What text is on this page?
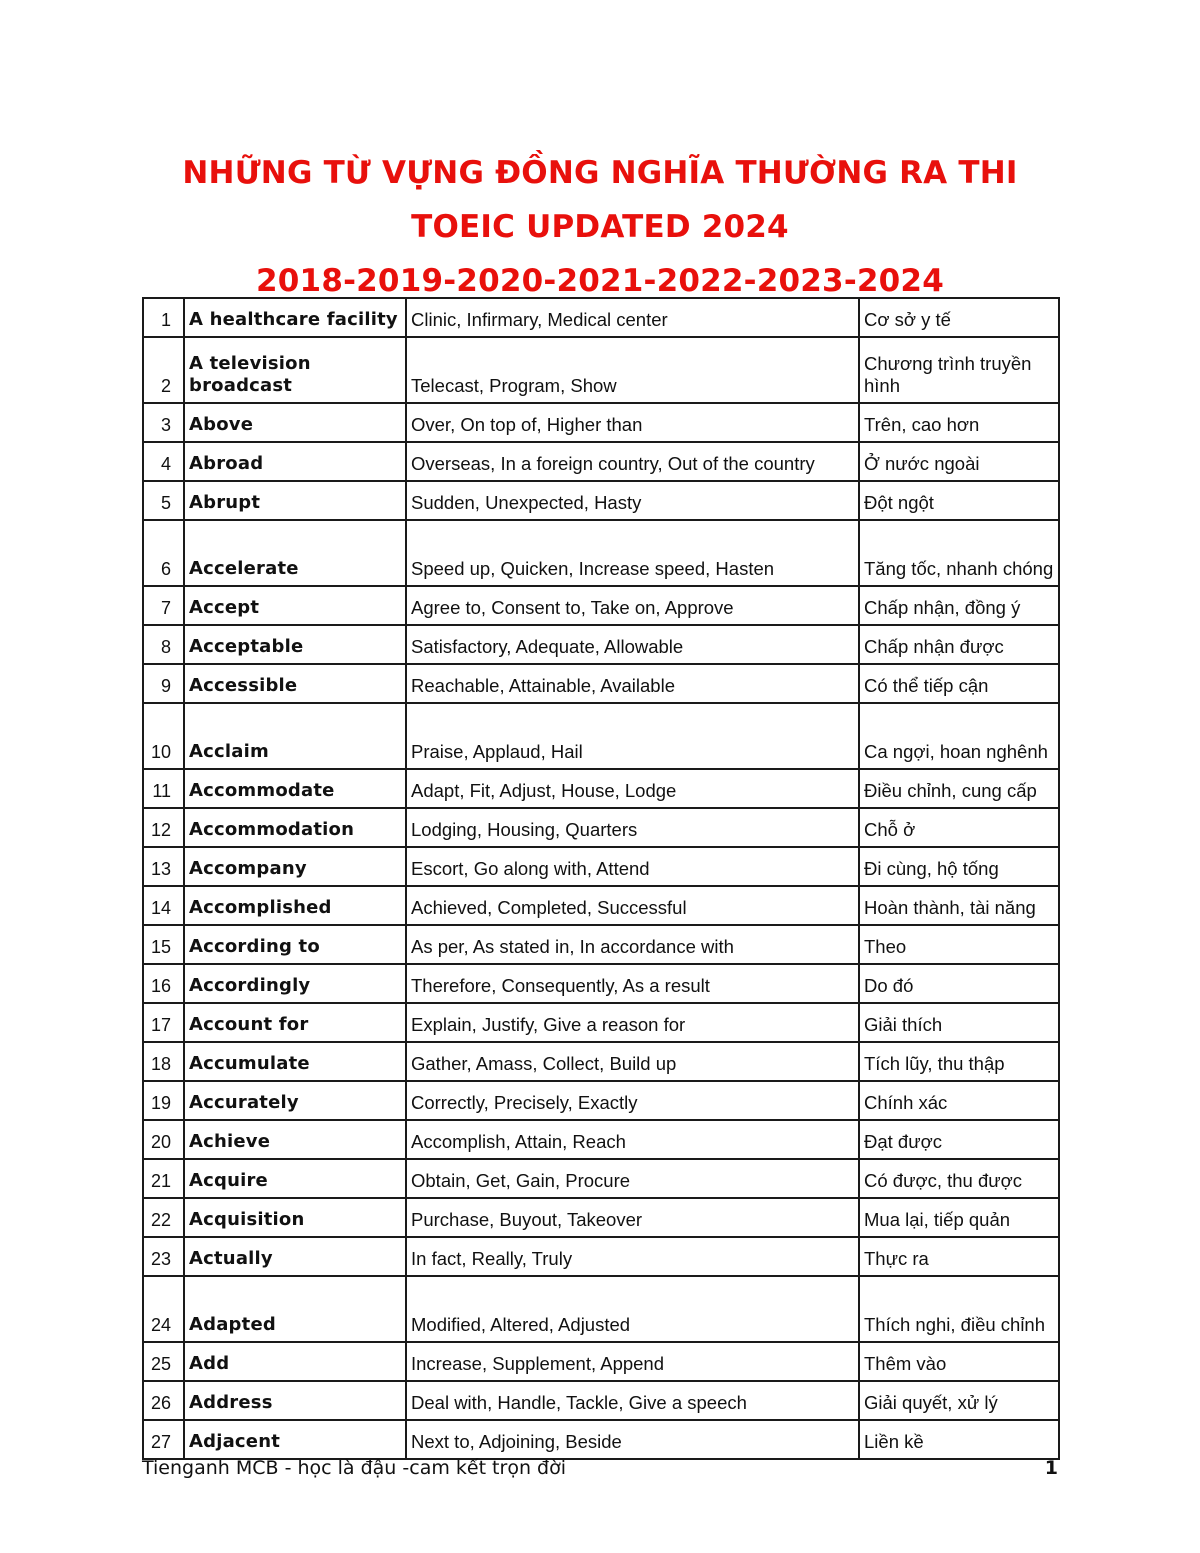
NHỮNG TỪ VỰNG ĐỒNG NGHĨA THƯỜNG RA THI
TOEIC UPDATED 2024
2018-2019-2020-2021-2022-2023-2024
1	A healthcare facility	Clinic, Infirmary, Medical center	Cơ sở y tế
2	A television broadcast	Telecast, Program, Show	Chương trình truyền hình
3	Above	Over, On top of, Higher than	Trên, cao hơn
4	Abroad	Overseas, In a foreign country, Out of the country	Ở nước ngoài
5	Abrupt	Sudden, Unexpected, Hasty	Đột ngột
6	Accelerate	Speed up, Quicken, Increase speed, Hasten	Tăng tốc, nhanh chóng
7	Accept	Agree to, Consent to, Take on, Approve	Chấp nhận, đồng ý
8	Acceptable	Satisfactory, Adequate, Allowable	Chấp nhận được
9	Accessible	Reachable, Attainable, Available	Có thể tiếp cận
10	Acclaim	Praise, Applaud, Hail	Ca ngợi, hoan nghênh
11	Accommodate	Adapt, Fit, Adjust, House, Lodge	Điều chỉnh, cung cấp
12	Accommodation	Lodging, Housing, Quarters	Chỗ ở
13	Accompany	Escort, Go along with, Attend	Đi cùng, hộ tống
14	Accomplished	Achieved, Completed, Successful	Hoàn thành, tài năng
15	According to	As per, As stated in, In accordance with	Theo
16	Accordingly	Therefore, Consequently, As a result	Do đó
17	Account for	Explain, Justify, Give a reason for	Giải thích
18	Accumulate	Gather, Amass, Collect, Build up	Tích lũy, thu thập
19	Accurately	Correctly, Precisely, Exactly	Chính xác
20	Achieve	Accomplish, Attain, Reach	Đạt được
21	Acquire	Obtain, Get, Gain, Procure	Có được, thu được
22	Acquisition	Purchase, Buyout, Takeover	Mua lại, tiếp quản
23	Actually	In fact, Really, Truly	Thực ra
24	Adapted	Modified, Altered, Adjusted	Thích nghi, điều chỉnh
25	Add	Increase, Supplement, Append	Thêm vào
26	Address	Deal with, Handle, Tackle, Give a speech	Giải quyết, xử lý
27	Adjacent	Next to, Adjoining, Beside	Liền kề
Tienganh MCB - học là đậu -cam kết trọn đời	1
